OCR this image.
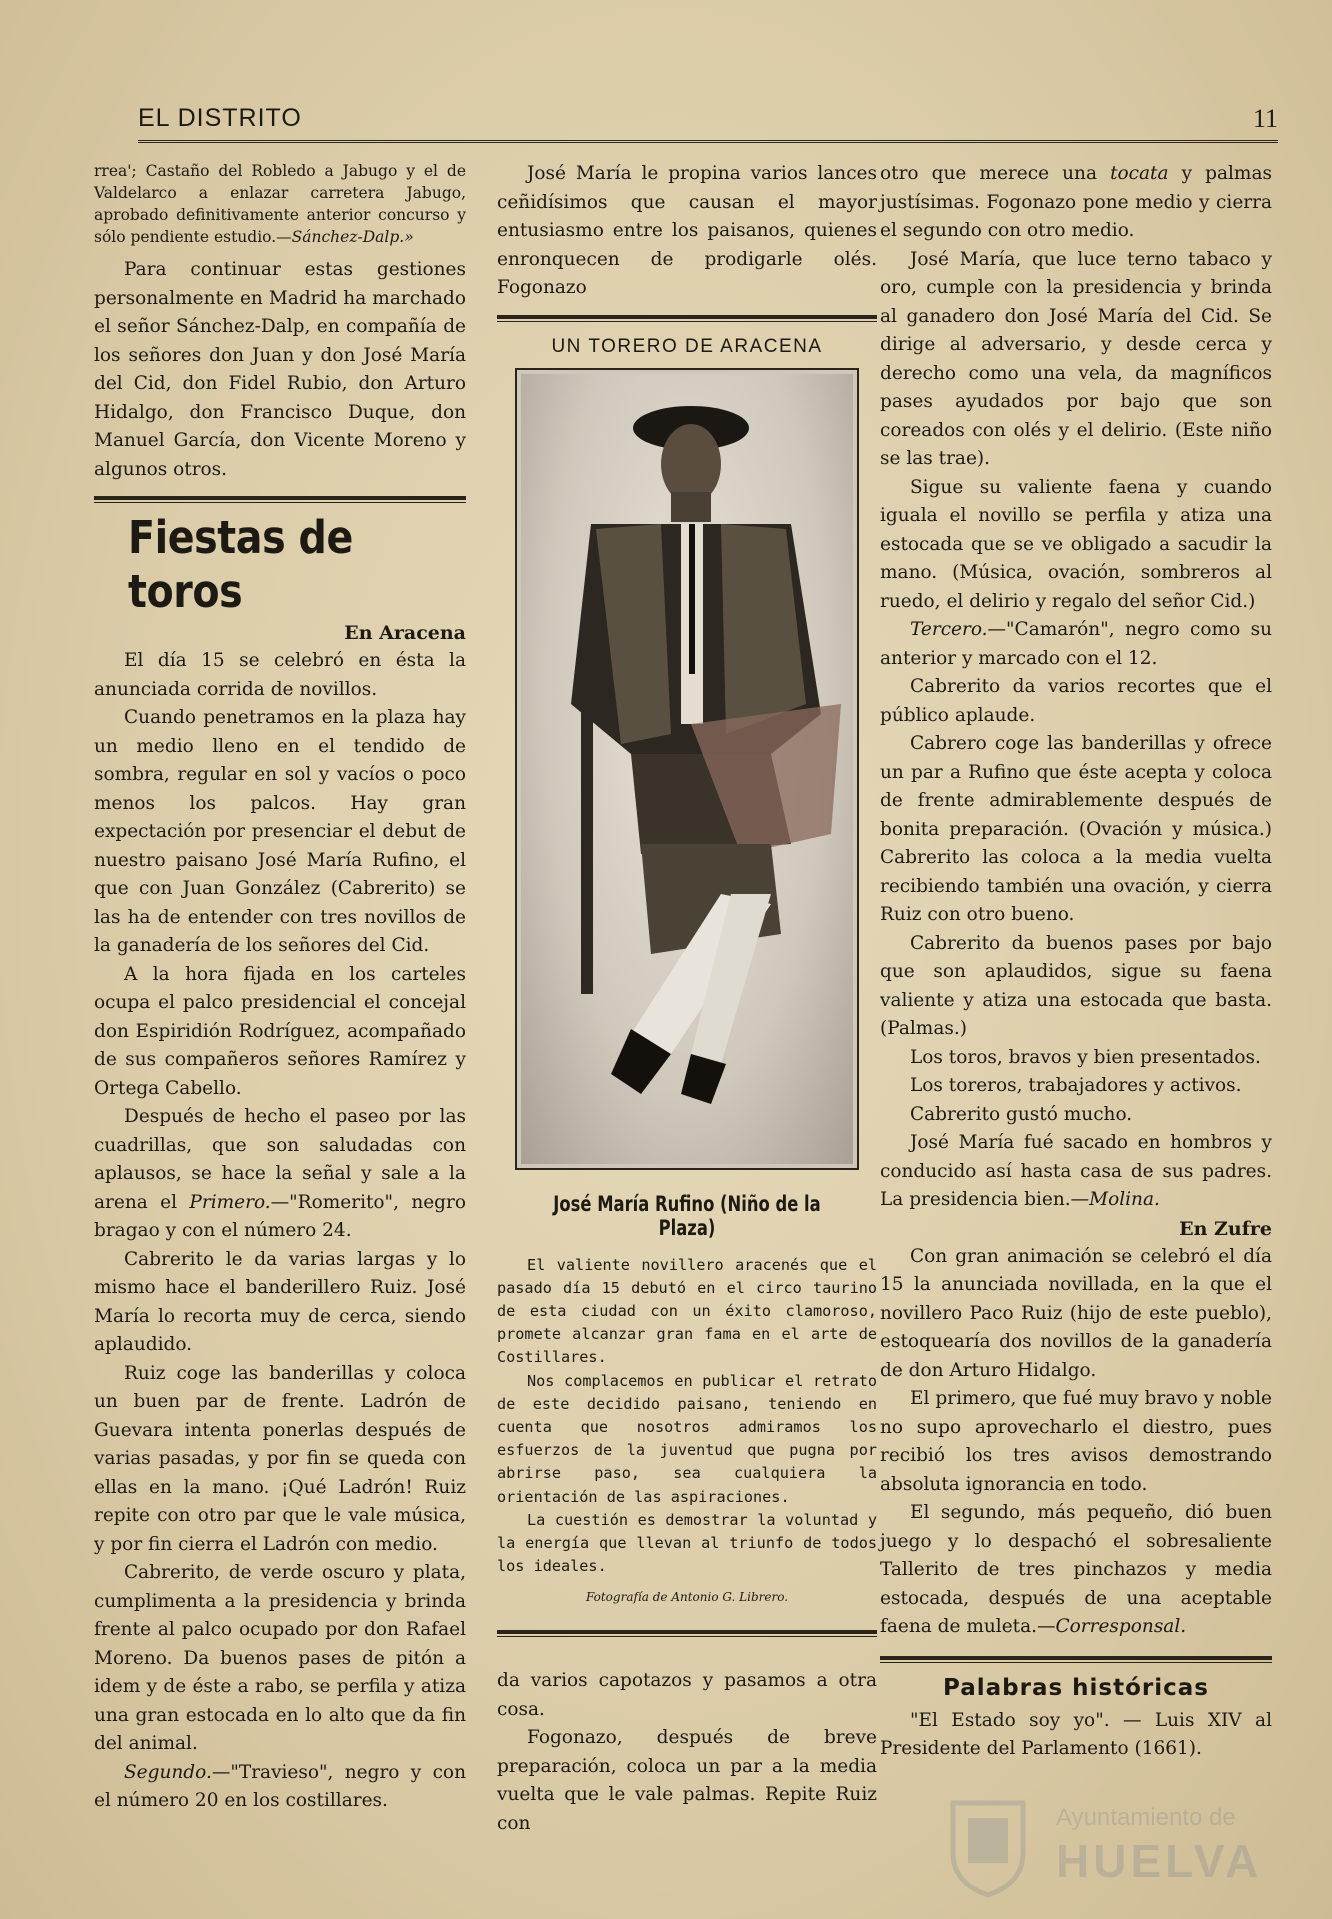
EL DISTRITO	11

rrea'; Castaño del Robledo a Jabugo y el de Valdelarco a enlazar carretera Jabugo, aprobado definitivamente anterior concurso y sólo pendiente estudio.—Sánchez-Dalp.»

Para continuar estas gestiones personalmente en Madrid ha marchado el señor Sánchez-Dalp, en compañía de los señores don Juan y don José María del Cid, don Fidel Rubio, don Arturo Hidalgo, don Francisco Duque, don Manuel García, don Vicente Moreno y algunos otros.

Fiestas de toros
En Aracena

El día 15 se celebró en ésta la anunciada corrida de novillos.

Cuando penetramos en la plaza hay un medio lleno en el tendido de sombra, regular en sol y vacíos o poco menos los palcos. Hay gran expectación por presenciar el debut de nuestro paisano José María Rufino, el que con Juan González (Cabrerito) se las ha de entender con tres novillos de la ganadería de los señores del Cid.

A la hora fijada en los carteles ocupa el palco presidencial el concejal don Espiridión Rodríguez, acompañado de sus compañeros señores Ramírez y Ortega Cabello.

Después de hecho el paseo por las cuadrillas, que son saludadas con aplausos, se hace la señal y sale a la arena el Primero.—"Romerito", negro bragao y con el número 24.

Cabrerito le da varias largas y lo mismo hace el banderillero Ruiz. José María lo recorta muy de cerca, siendo aplaudido.

Ruiz coge las banderillas y coloca un buen par de frente. Ladrón de Guevara intenta ponerlas después de varias pasadas, y por fin se queda con ellas en la mano. ¡Qué Ladrón! Ruiz repite con otro par que le vale música, y por fin cierra el Ladrón con medio.

Cabrerito, de verde oscuro y plata, cumplimenta a la presidencia y brinda frente al palco ocupado por don Rafael Moreno. Da buenos pases de pitón a idem y de éste a rabo, se perfila y atiza una gran estocada en lo alto que da fin del animal.

Segundo.—"Travieso", negro y con el número 20 en los costillares.

José María le propina varios lances ceñidísimos que causan el mayor entusiasmo entre los paisanos, quienes enronquecen de prodigarle olés. Fogonazo

UN TORERO DE ARACENA
José María Rufino (Niño de la Plaza)

El valiente novillero aracenés que el pasado día 15 debutó en el circo taurino de esta ciudad con un éxito clamoroso, promete alcanzar gran fama en el arte de Costillares.

Nos complacemos en publicar el retrato de este decidido paisano, teniendo en cuenta que nosotros admiramos los esfuerzos de la juventud que pugna por abrirse paso, sea cualquiera la orientación de las aspiraciones.

La cuestión es demostrar la voluntad y la energía que llevan al triunfo de todos los ideales.

Fotografía de Antonio G. Librero.

da varios capotazos y pasamos a otra cosa.

Fogonazo, después de breve preparación, coloca un par a la media vuelta que le vale palmas. Repite Ruiz con

otro que merece una tocata y palmas justísimas. Fogonazo pone medio y cierra el segundo con otro medio.

José María, que luce terno tabaco y oro, cumple con la presidencia y brinda al ganadero don José María del Cid. Se dirige al adversario, y desde cerca y derecho como una vela, da magníficos pases ayudados por bajo que son coreados con olés y el delirio. (Este niño se las trae).

Sigue su valiente faena y cuando iguala el novillo se perfila y atiza una estocada que se ve obligado a sacudir la mano. (Música, ovación, sombreros al ruedo, el delirio y regalo del señor Cid.)

Tercero.—"Camarón", negro como su anterior y marcado con el 12.

Cabrerito da varios recortes que el público aplaude.

Cabrero coge las banderillas y ofrece un par a Rufino que éste acepta y coloca de frente admirablemente después de bonita preparación. (Ovación y música.) Cabrerito las coloca a la media vuelta recibiendo también una ovación, y cierra Ruiz con otro bueno.

Cabrerito da buenos pases por bajo que son aplaudidos, sigue su faena valiente y atiza una estocada que basta. (Palmas.)

Los toros, bravos y bien presentados.

Los toreros, trabajadores y activos.

Cabrerito gustó mucho.

José María fué sacado en hombros y conducido así hasta casa de sus padres. La presidencia bien.—Molina.

En Zufre

Con gran animación se celebró el día 15 la anunciada novillada, en la que el novillero Paco Ruiz (hijo de este pueblo), estoquearía dos novillos de la ganadería de don Arturo Hidalgo.

El primero, que fué muy bravo y noble no supo aprovecharlo el diestro, pues recibió los tres avisos demostrando absoluta ignorancia en todo.

El segundo, más pequeño, dió buen juego y lo despachó el sobresaliente Tallerito de tres pinchazos y media estocada, después de una aceptable faena de muleta.—Corresponsal.

Palabras históricas

"El Estado soy yo". — Luis XIV al Presidente del Parlamento (1661).

Ayuntamiento de
HUELVA
